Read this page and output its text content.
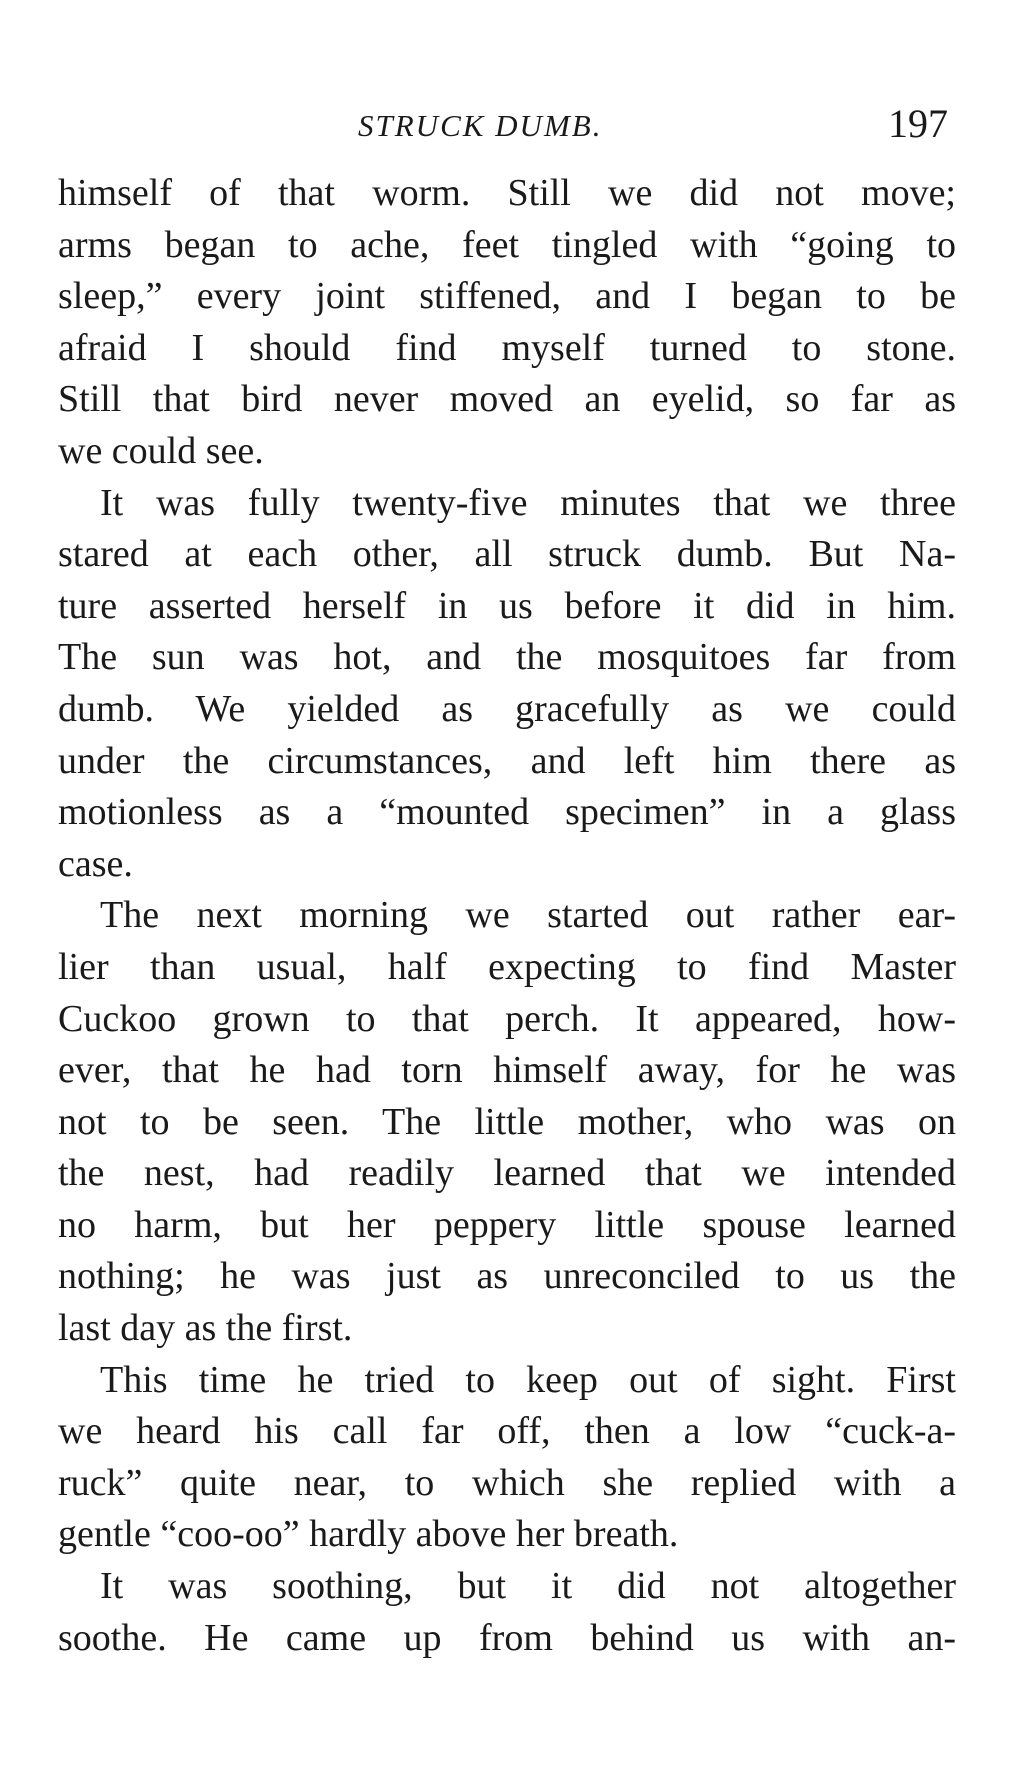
STRUCK DUMB.	197

himself of that worm. Still we did not move;
arms began to ache, feet tingled with “going to
sleep,” every joint stiffened, and I began to be
afraid I should find myself turned to stone.
Still that bird never moved an eyelid, so far as
we could see.

It was fully twenty-five minutes that we three
stared at each other, all struck dumb. But Na-
ture asserted herself in us before it did in him.
The sun was hot, and the mosquitoes far from
dumb. We yielded as gracefully as we could
under the circumstances, and left him there as
motionless as a “mounted specimen” in a glass
case.

The next morning we started out rather ear-
lier than usual, half expecting to find Master
Cuckoo grown to that perch. It appeared, how-
ever, that he had torn himself away, for he was
not to be seen. The little mother, who was on
the nest, had readily learned that we intended
no harm, but her peppery little spouse learned
nothing; he was just as unreconciled to us the
last day as the first.

This time he tried to keep out of sight. First
we heard his call far off, then a low “cuck-a-
ruck” quite near, to which she replied with a
gentle “coo-oo” hardly above her breath.

It was soothing, but it did not altogether
soothe. He came up from behind us with an-
